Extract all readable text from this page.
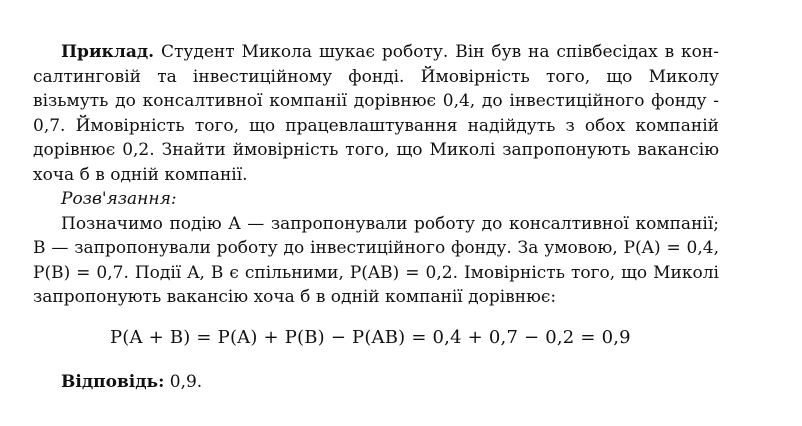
Приклад. Студент Микола шукає роботу. Він був на співбесідах в консалтинговій та інвестиційному фонді. Ймовірність того, що Миколу візьмуть до консалтивної компанії дорівнює 0,4, до інвестиційного фонду - 0,7. Ймовірність того, що працевлаштування надійдуть з обох компаній дорівнює 0,2. Знайти ймовірність того, що Миколі запропонують вакансію хоча б в одній компанії.

Розв'язання:

Позначимо подію A — запропонували роботу до консалтивної компанії; B — запропонували роботу до інвестиційного фонду. За умовою, P(A) = 0,4, P(B) = 0,7. Події A, B є спільними, P(AB) = 0,2. Імовірність того, що Миколі запропонують вакансію хоча б в одній компанії дорівнює:

P(A + B) = P(A) + P(B) − P(AB) = 0,4 + 0,7 − 0,2 = 0,9
Відповідь: 0,9.
